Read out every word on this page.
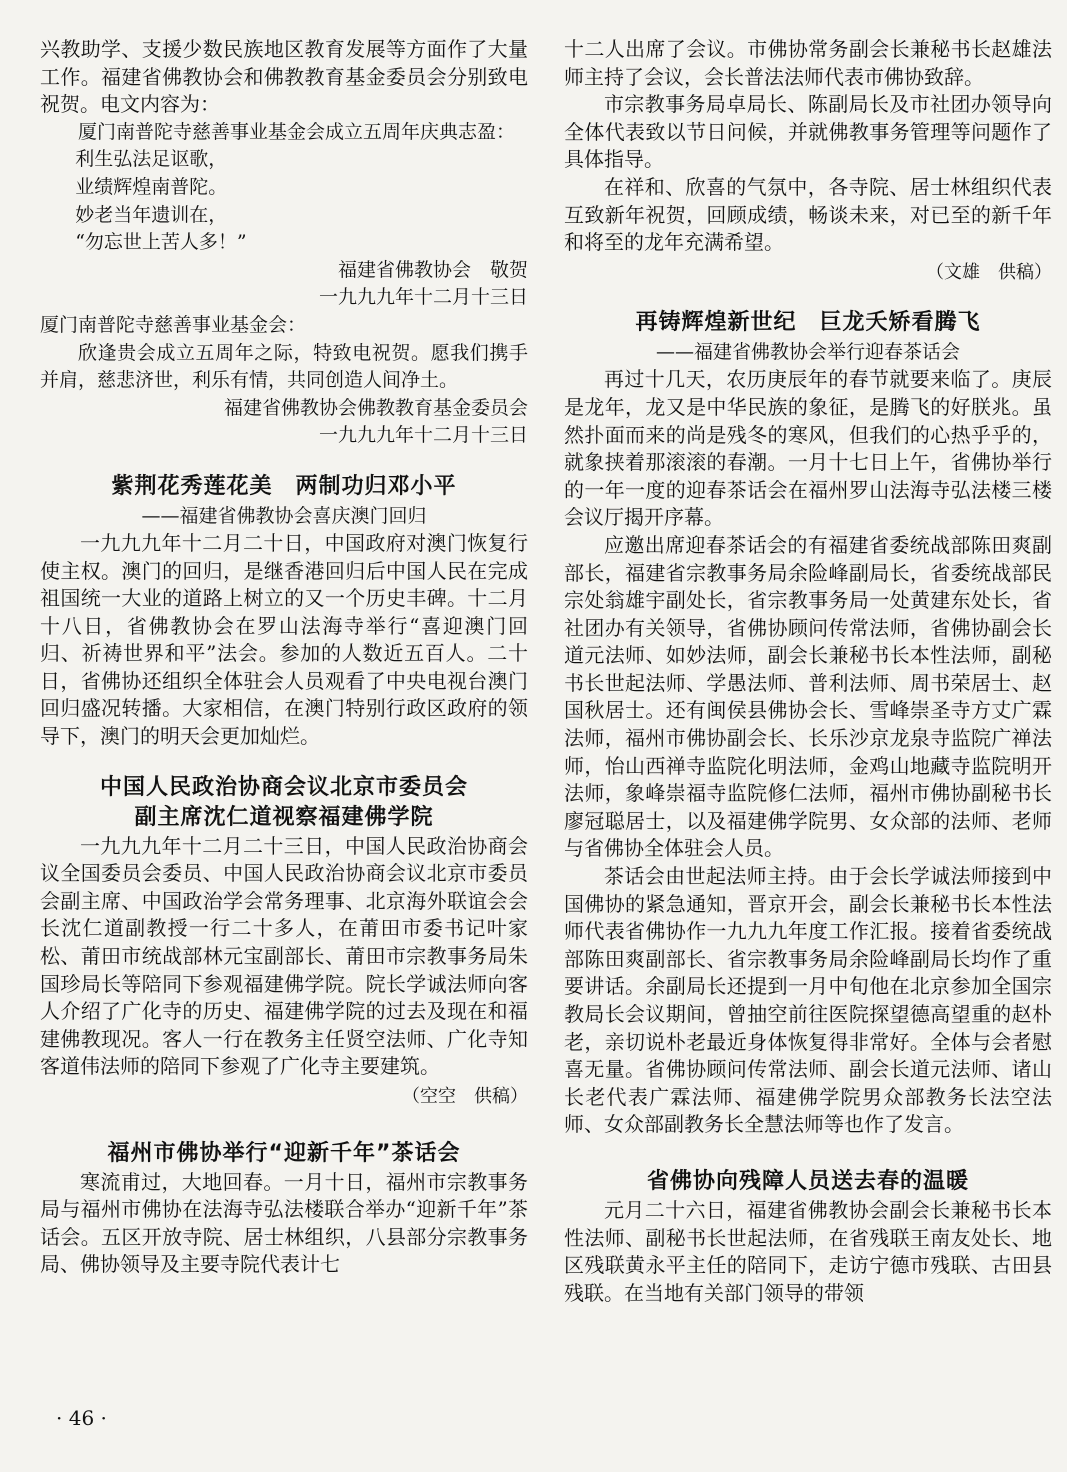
兴教助学、支援少数民族地区教育发展等方面作了大量工作。福建省佛教协会和佛教教育基金委员会分别致电祝贺。电文内容为：

厦门南普陀寺慈善事业基金会成立五周年庆典志盈：

利生弘法足讴歌，

业绩辉煌南普陀。

妙老当年遗训在，

“勿忘世上苦人多！”

福建省佛教协会　敬贺

一九九九年十二月十三日

厦门南普陀寺慈善事业基金会：

欣逢贵会成立五周年之际，特致电祝贺。愿我们携手并肩，慈悲济世，利乐有情，共同创造人间净土。

福建省佛教协会佛教教育基金委员会

一九九九年十二月十三日

紫荆花秀莲花美　两制功归邓小平

——福建省佛教协会喜庆澳门回归

一九九九年十二月二十日，中国政府对澳门恢复行使主权。澳门的回归，是继香港回归后中国人民在完成祖国统一大业的道路上树立的又一个历史丰碑。十二月十八日，省佛教协会在罗山法海寺举行“喜迎澳门回归、祈祷世界和平”法会。参加的人数近五百人。二十日，省佛协还组织全体驻会人员观看了中央电视台澳门回归盛况转播。大家相信，在澳门特别行政区政府的领导下，澳门的明天会更加灿烂。

中国人民政治协商会议北京市委员会
副主席沈仁道视察福建佛学院

一九九九年十二月二十三日，中国人民政治协商会议全国委员会委员、中国人民政治协商会议北京市委员会副主席、中国政治学会常务理事、北京海外联谊会会长沈仁道副教授一行二十多人，在莆田市委书记叶家松、莆田市统战部林元宝副部长、莆田市宗教事务局朱国珍局长等陪同下参观福建佛学院。院长学诚法师向客人介绍了广化寺的历史、福建佛学院的过去及现在和福建佛教现况。客人一行在教务主任贤空法师、广化寺知客道伟法师的陪同下参观了广化寺主要建筑。

（空空　供稿）

福州市佛协举行“迎新千年”茶话会

寒流甫过，大地回春。一月十日，福州市宗教事务局与福州市佛协在法海寺弘法楼联合举办“迎新千年”茶话会。五区开放寺院、居士林组织，八县部分宗教事务局、佛协领导及主要寺院代表计七

十二人出席了会议。市佛协常务副会长兼秘书长赵雄法师主持了会议，会长普法法师代表市佛协致辞。

市宗教事务局卓局长、陈副局长及市社团办领导向全体代表致以节日问候，并就佛教事务管理等问题作了具体指导。

在祥和、欣喜的气氛中，各寺院、居士林组织代表互致新年祝贺，回顾成绩，畅谈未来，对已至的新千年和将至的龙年充满希望。

（文雄　供稿）

再铸辉煌新世纪　巨龙夭矫看腾飞

——福建省佛教协会举行迎春茶话会

再过十几天，农历庚辰年的春节就要来临了。庚辰是龙年，龙又是中华民族的象征，是腾飞的好朕兆。虽然扑面而来的尚是残冬的寒风，但我们的心热乎乎的，就象挟着那滚滚的春潮。一月十七日上午，省佛协举行的一年一度的迎春茶话会在福州罗山法海寺弘法楼三楼会议厅揭开序幕。

应邀出席迎春茶话会的有福建省委统战部陈田爽副部长，福建省宗教事务局余险峰副局长，省委统战部民宗处翁雄宇副处长，省宗教事务局一处黄建东处长，省社团办有关领导，省佛协顾问传常法师，省佛协副会长道元法师、如妙法师，副会长兼秘书长本性法师，副秘书长世起法师、学愚法师、普利法师、周书荣居士、赵国秋居士。还有闽侯县佛协会长、雪峰崇圣寺方丈广霖法师，福州市佛协副会长、长乐沙京龙泉寺监院广禅法师，怡山西禅寺监院化明法师，金鸡山地藏寺监院明开法师，象峰崇福寺监院修仁法师，福州市佛协副秘书长廖冠聪居士，以及福建佛学院男、女众部的法师、老师与省佛协全体驻会人员。

茶话会由世起法师主持。由于会长学诚法师接到中国佛协的紧急通知，晋京开会，副会长兼秘书长本性法师代表省佛协作一九九九年度工作汇报。接着省委统战部陈田爽副部长、省宗教事务局余险峰副局长均作了重要讲话。余副局长还提到一月中旬他在北京参加全国宗教局长会议期间，曾抽空前往医院探望德高望重的赵朴老，亲切说朴老最近身体恢复得非常好。全体与会者慰喜无量。省佛协顾问传常法师、副会长道元法师、诸山长老代表广霖法师、福建佛学院男众部教务长法空法师、女众部副教务长全慧法师等也作了发言。

省佛协向残障人员送去春的温暖

元月二十六日，福建省佛教协会副会长兼秘书长本性法师、副秘书长世起法师，在省残联王南友处长、地区残联黄永平主任的陪同下，走访宁德市残联、古田县残联。在当地有关部门领导的带领

· 46 ·
